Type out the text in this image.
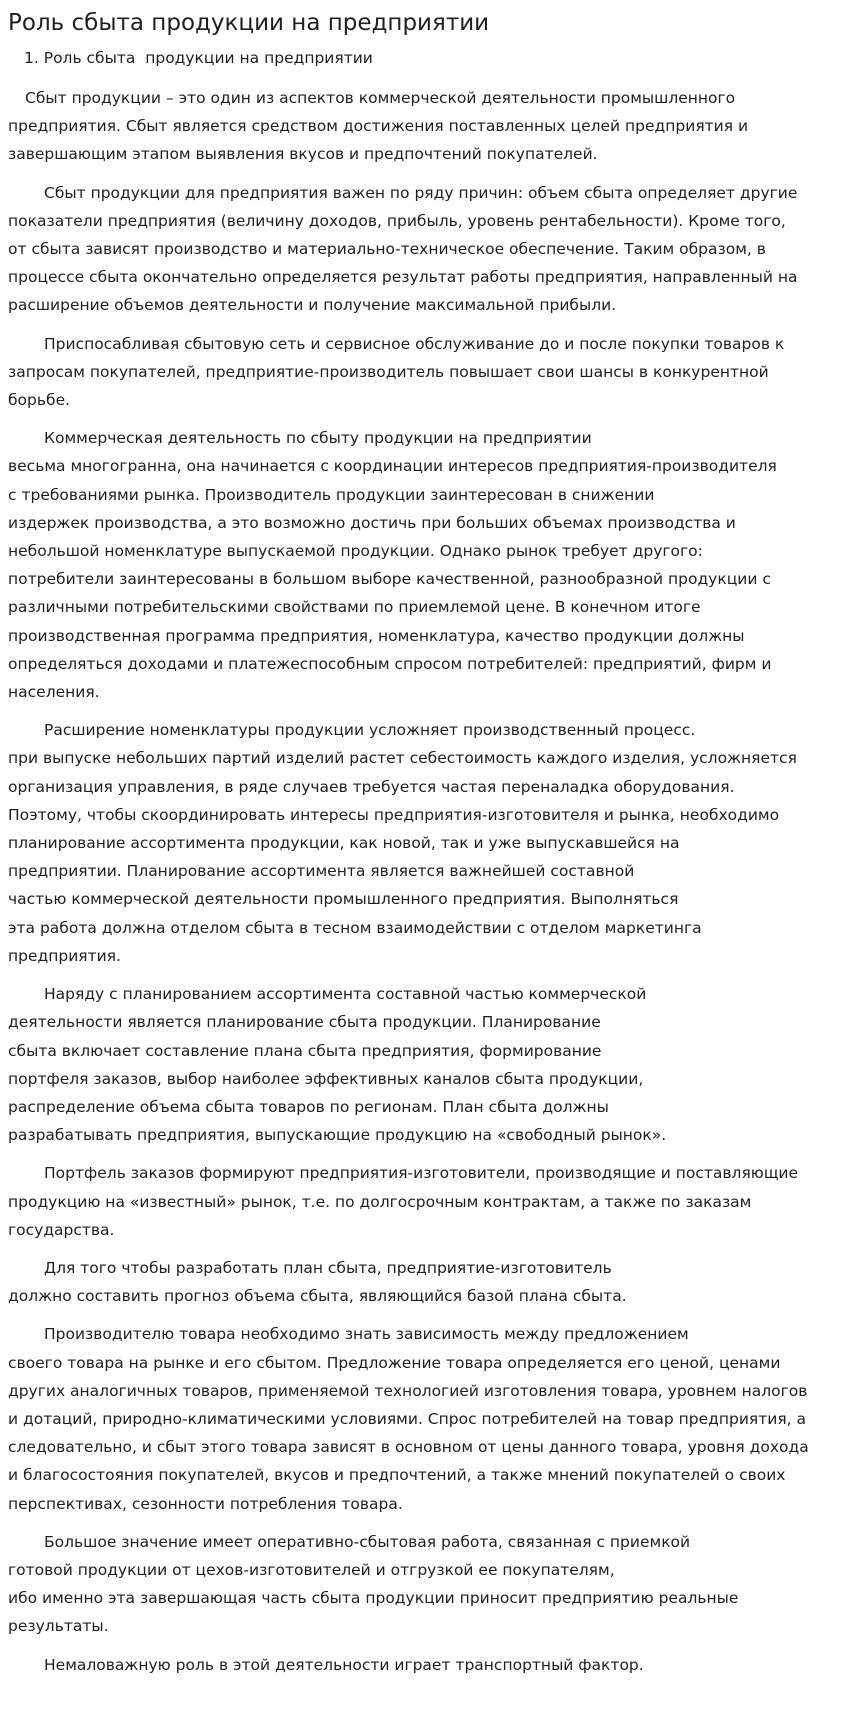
Роль сбыта продукции на предприятии
1. Роль сбыта  продукции на предприятии

Сбыт продукции – это один из аспектов коммерческой деятельности промышленного
предприятия. Сбыт является средством достижения поставленных целей предприятия и
завершающим этапом выявления вкусов и предпочтений покупателей.

Сбыт продукции для предприятия важен по ряду причин: объем сбыта определяет другие
показатели предприятия (величину доходов, прибыль, уровень рентабельности). Кроме того,
от сбыта зависят производство и материально-техническое обеспечение. Таким образом, в
процессе сбыта окончательно определяется результат работы предприятия, направленный на
расширение объемов деятельности и получение максимальной прибыли.

Приспосабливая сбытовую сеть и сервисное обслуживание до и после покупки товаров к
запросам покупателей, предприятие-производитель повышает свои шансы в конкурентной
борьбе.

Коммерческая деятельность по сбыту продукции на предприятии
весьма многогранна, она начинается с координации интересов предприятия-производителя
с требованиями рынка. Производитель продукции заинтересован в снижении
издержек производства, а это возможно достичь при больших объемах производства и
небольшой номенклатуре выпускаемой продукции. Однако рынок требует другого:
потребители заинтересованы в большом выборе качественной, разнообразной продукции с
различными потребительскими свойствами по приемлемой цене. В конечном итоге
производственная программа предприятия, номенклатура, качество продукции должны
определяться доходами и платежеспособным спросом потребителей: предприятий, фирм и
населения.

Расширение номенклатуры продукции усложняет производственный процесс.
при выпуске небольших партий изделий растет себестоимость каждого изделия, усложняется
организация управления, в ряде случаев требуется частая переналадка оборудования.
Поэтому, чтобы скоординировать интересы предприятия-изготовителя и рынка, необходимо
планирование ассортимента продукции, как новой, так и уже выпускавшейся на
предприятии. Планирование ассортимента является важнейшей составной
частью коммерческой деятельности промышленного предприятия. Выполняться
эта работа должна отделом сбыта в тесном взаимодействии с отделом маркетинга
предприятия.

Наряду с планированием ассортимента составной частью коммерческой
деятельности является планирование сбыта продукции. Планирование
сбыта включает составление плана сбыта предприятия, формирование
портфеля заказов, выбор наиболее эффективных каналов сбыта продукции,
распределение объема сбыта товаров по регионам. План сбыта должны
разрабатывать предприятия, выпускающие продукцию на «свободный рынок».

Портфель заказов формируют предприятия-изготовители, производящие и поставляющие
продукцию на «известный» рынок, т.е. по долгосрочным контрактам, а также по заказам
государства.

Для того чтобы разработать план сбыта, предприятие-изготовитель
должно составить прогноз объема сбыта, являющийся базой плана сбыта.

Производителю товара необходимо знать зависимость между предложением
своего товара на рынке и его сбытом. Предложение товара определяется его ценой, ценами
других аналогичных товаров, применяемой технологией изготовления товара, уровнем налогов
и дотаций, природно-климатическими условиями. Спрос потребителей на товар предприятия, а
следовательно, и сбыт этого товара зависят в основном от цены данного товара, уровня дохода
и благосостояния покупателей, вкусов и предпочтений, а также мнений покупателей о своих
перспективах, сезонности потребления товара.

Большое значение имеет оперативно-сбытовая работа, связанная с приемкой
готовой продукции от цехов-изготовителей и отгрузкой ее покупателям,
ибо именно эта завершающая часть сбыта продукции приносит предприятию реальные
результаты.

Немаловажную роль в этой деятельности играет транспортный фактор.
